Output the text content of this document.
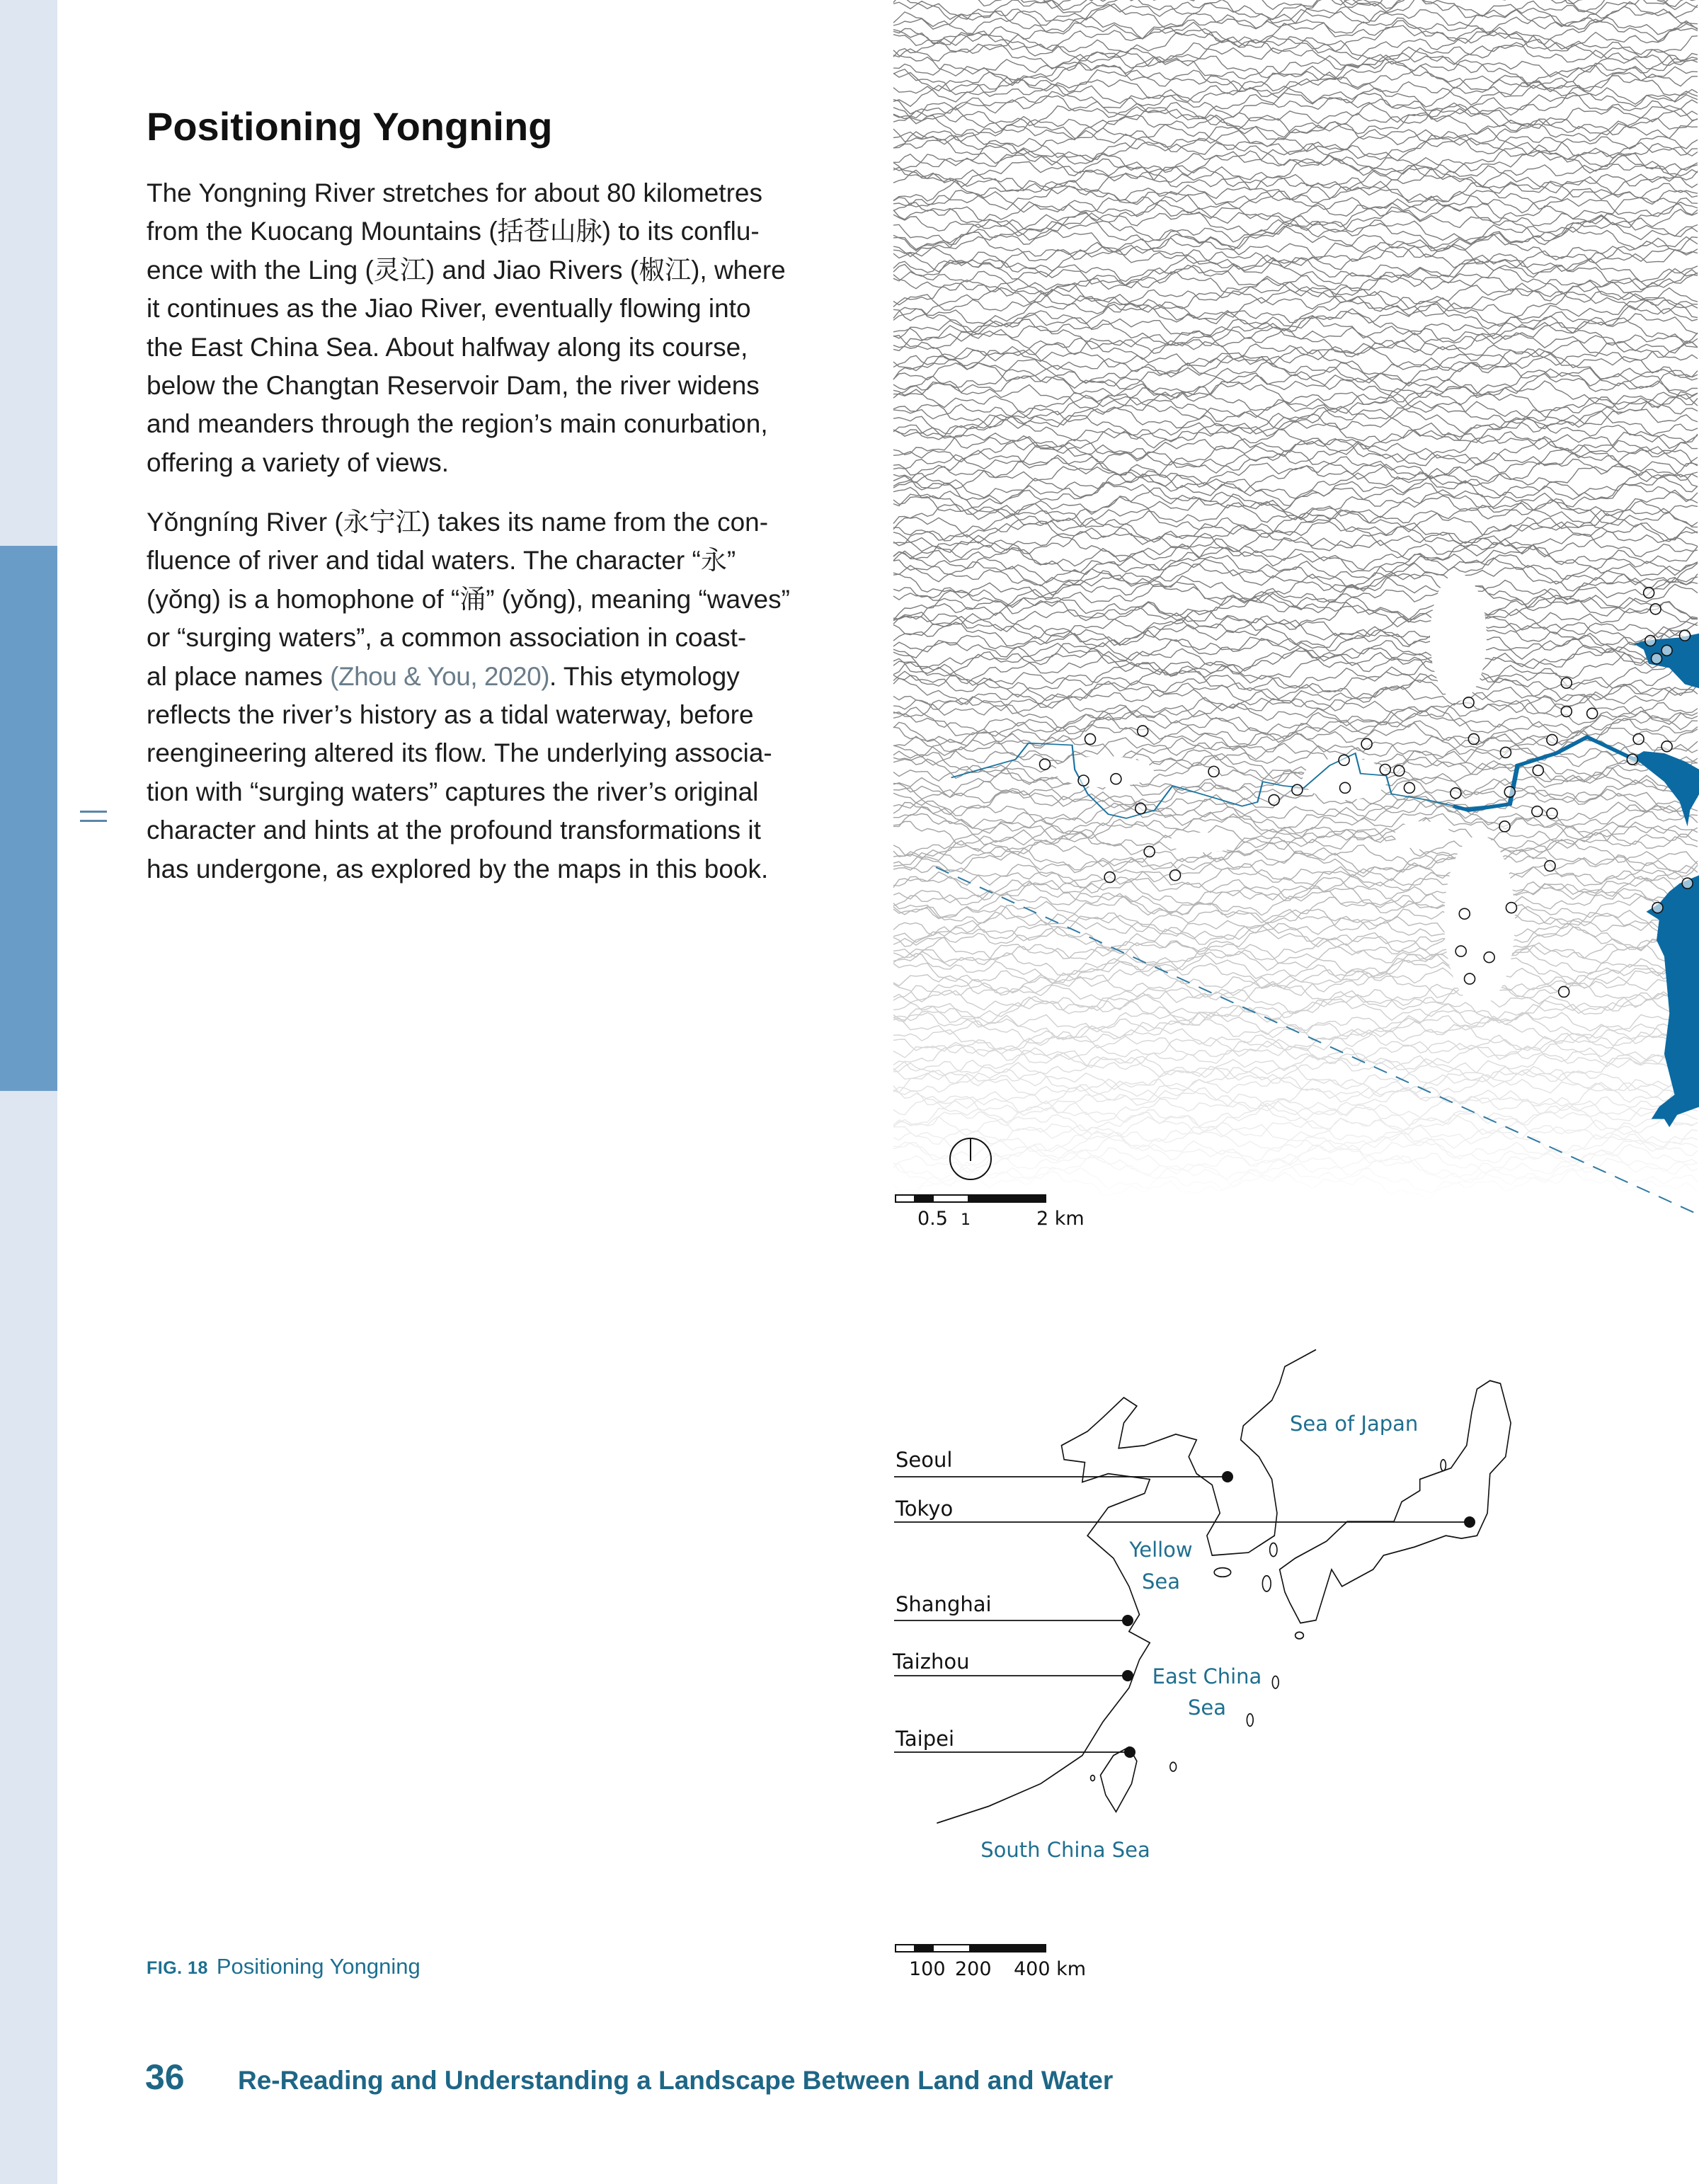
Positioning Yongning
The Yongning River stretches for about 80 kilometres
from the Kuocang Mountains (括苍山脉) to its conflu-
ence with the Ling (灵江) and Jiao Rivers (椒江), where
it continues as the Jiao River, eventually flowing into
the East China Sea. About halfway along its course,
below the Changtan Reservoir Dam, the river widens
and meanders through the region’s main conurbation,
offering a variety of views.
Yǒngníng River (永宁江) takes its name from the con-
fluence of river and tidal waters. The character “永”
(yǒng) is a homophone of “涌” (yǒng), meaning “waves”
or “surging waters”, a common association in coast-
al place names (Zhou & You, 2020). This etymology
reflects the river’s history as a tidal waterway, before
reengineering altered its flow. The underlying associa-
tion with “surging waters” captures the river’s original
character and hints at the profound transformations it
has undergone, as explored by the maps in this book.
0.5 1	2 km
Seoul
Tokyo
Shanghai
Taizhou
Taipei
Sea of Japan
Yellow
Sea
East China
Sea
South China Sea
100 200 400 km
FIG. 18 Positioning Yongning
36 Re-Reading and Understanding a Landscape Between Land and Water
